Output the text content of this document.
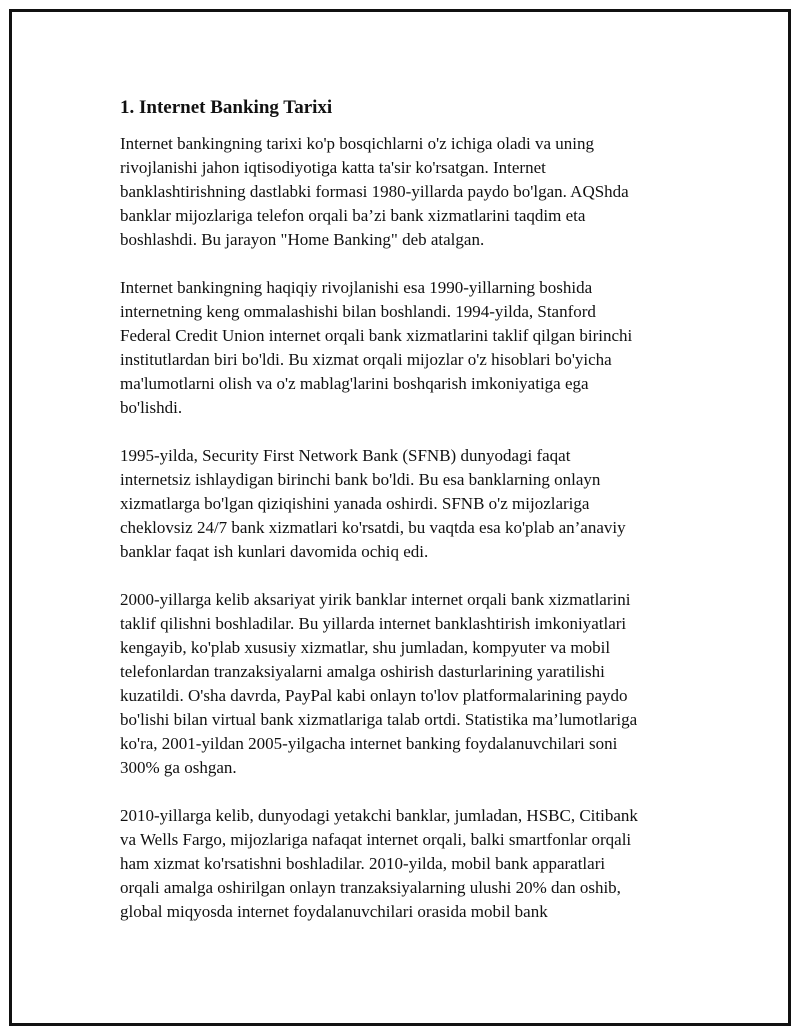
1. Internet Banking Tarixi

Internet bankingning tarixi ko'p bosqichlarni o'z ichiga oladi va uning
rivojlanishi jahon iqtisodiyotiga katta ta'sir ko'rsatgan. Internet
banklashtirishning dastlabki formasi 1980-yillarda paydo bo'lgan. AQShda
banklar mijozlariga telefon orqali ba’zi bank xizmatlarini taqdim eta
boshlashdi. Bu jarayon "Home Banking" deb atalgan.

Internet bankingning haqiqiy rivojlanishi esa 1990-yillarning boshida
internetning keng ommalashishi bilan boshlandi. 1994-yilda, Stanford
Federal Credit Union internet orqali bank xizmatlarini taklif qilgan birinchi
institutlardan biri bo'ldi. Bu xizmat orqali mijozlar o'z hisoblari bo'yicha
ma'lumotlarni olish va o'z mablag'larini boshqarish imkoniyatiga ega
bo'lishdi.

1995-yilda, Security First Network Bank (SFNB) dunyodagi faqat
internetsiz ishlaydigan birinchi bank bo'ldi. Bu esa banklarning onlayn
xizmatlarga bo'lgan qiziqishini yanada oshirdi. SFNB o'z mijozlariga
cheklovsiz 24/7 bank xizmatlari ko'rsatdi, bu vaqtda esa ko'plab an’anaviy
banklar faqat ish kunlari davomida ochiq edi.

2000-yillarga kelib aksariyat yirik banklar internet orqali bank xizmatlarini
taklif qilishni boshladilar. Bu yillarda internet banklashtirish imkoniyatlari
kengayib, ko'plab xususiy xizmatlar, shu jumladan, kompyuter va mobil
telefonlardan tranzaksiyalarni amalga oshirish dasturlarining yaratilishi
kuzatildi. O'sha davrda, PayPal kabi onlayn to'lov platformalarining paydo
bo'lishi bilan virtual bank xizmatlariga talab ortdi. Statistika ma’lumotlariga
ko'ra, 2001-yildan 2005-yilgacha internet banking foydalanuvchilari soni
300% ga oshgan.

2010-yillarga kelib, dunyodagi yetakchi banklar, jumladan, HSBC, Citibank
va Wells Fargo, mijozlariga nafaqat internet orqali, balki smartfonlar orqali
ham xizmat ko'rsatishni boshladilar. 2010-yilda, mobil bank apparatlari
orqali amalga oshirilgan onlayn tranzaksiyalarning ulushi 20% dan oshib,
global miqyosda internet foydalanuvchilari orasida mobil bank
